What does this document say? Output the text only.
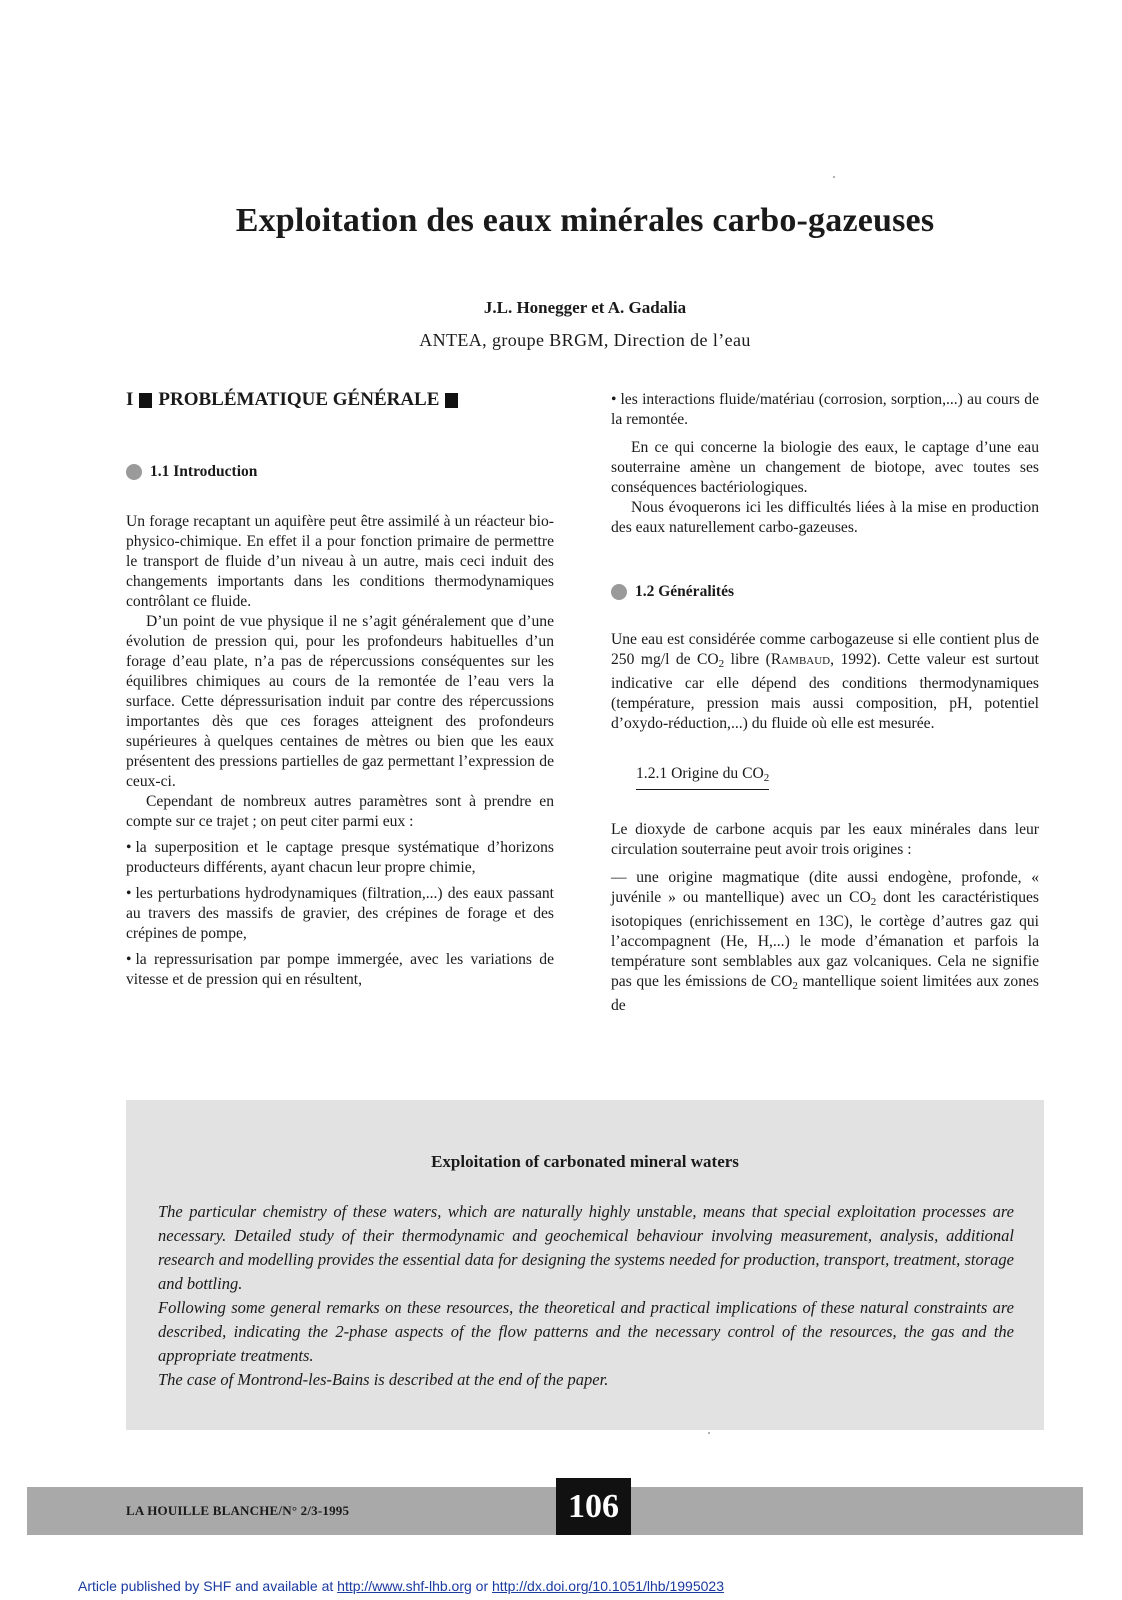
Exploitation des eaux minérales carbo-gazeuses

J.L. Honegger et A. Gadalia

ANTEA, groupe BRGM, Direction de l’eau

I PROBLÉMATIQUE GÉNÉRALE
1.1 Introduction

Un forage recaptant un aquifère peut être assimilé à un réacteur bio-physico-chimique. En effet il a pour fonction primaire de permettre le transport de fluide d’un niveau à un autre, mais ceci induit des changements importants dans les conditions thermodynamiques contrôlant ce fluide.

D’un point de vue physique il ne s’agit généralement que d’une évolution de pression qui, pour les profondeurs habituelles d’un forage d’eau plate, n’a pas de répercussions conséquentes sur les équilibres chimiques au cours de la remontée de l’eau vers la surface. Cette dépressurisation induit par contre des répercussions importantes dès que ces forages atteignent des profondeurs supérieures à quelques centaines de mètres ou bien que les eaux présentent des pressions partielles de gaz permettant l’expression de ceux-ci.

Cependant de nombreux autres paramètres sont à prendre en compte sur ce trajet ; on peut citer parmi eux :

• la superposition et le captage presque systématique d’horizons producteurs différents, ayant chacun leur propre chimie,

• les perturbations hydrodynamiques (filtration,...) des eaux passant au travers des massifs de gravier, des crépines de forage et des crépines de pompe,

• la repressurisation par pompe immergée, avec les variations de vitesse et de pression qui en résultent,

• les interactions fluide/matériau (corrosion, sorption,...) au cours de la remontée.

En ce qui concerne la biologie des eaux, le captage d’une eau souterraine amène un changement de biotope, avec toutes ses conséquences bactériologiques.

Nous évoquerons ici les difficultés liées à la mise en production des eaux naturellement carbo-gazeuses.

1.2 Généralités

Une eau est considérée comme carbogazeuse si elle contient plus de 250 mg/l de $CO_2$ libre (Rambaud, 1992). Cette valeur est surtout indicative car elle dépend des conditions thermodynamiques (température, pression mais aussi composition, pH, potentiel d’oxydo-réduction,...) du fluide où elle est mesurée.

1.2.1 Origine du $CO_2$

Le dioxyde de carbone acquis par les eaux minérales dans leur circulation souterraine peut avoir trois origines :

— une origine magmatique (dite aussi endogène, profonde, « juvénile » ou mantellique) avec un $CO_2$ dont les caractéristiques isotopiques (enrichissement en 13C), le cortège d’autres gaz qui l’accompagnent (He, H,...) le mode d’émanation et parfois la température sont semblables aux gaz volcaniques. Cela ne signifie pas que les émissions de $CO_2$ mantellique soient limitées aux zones de

Exploitation of carbonated mineral waters

The particular chemistry of these waters, which are naturally highly unstable, means that special exploitation processes are necessary. Detailed study of their thermodynamic and geochemical behaviour involving measurement, analysis, additional research and modelling provides the essential data for designing the systems needed for production, transport, treatment, storage and bottling.
Following some general remarks on these resources, the theoretical and practical implications of these natural constraints are described, indicating the 2-phase aspects of the flow patterns and the necessary control of the resources, the gas and the appropriate treatments.
The case of Montrond-les-Bains is described at the end of the paper.

LA HOUILLE BLANCHE/N° 2/3-1995	106

Article published by SHF and available at http://www.shf-lhb.org or http://dx.doi.org/10.1051/lhb/1995023
